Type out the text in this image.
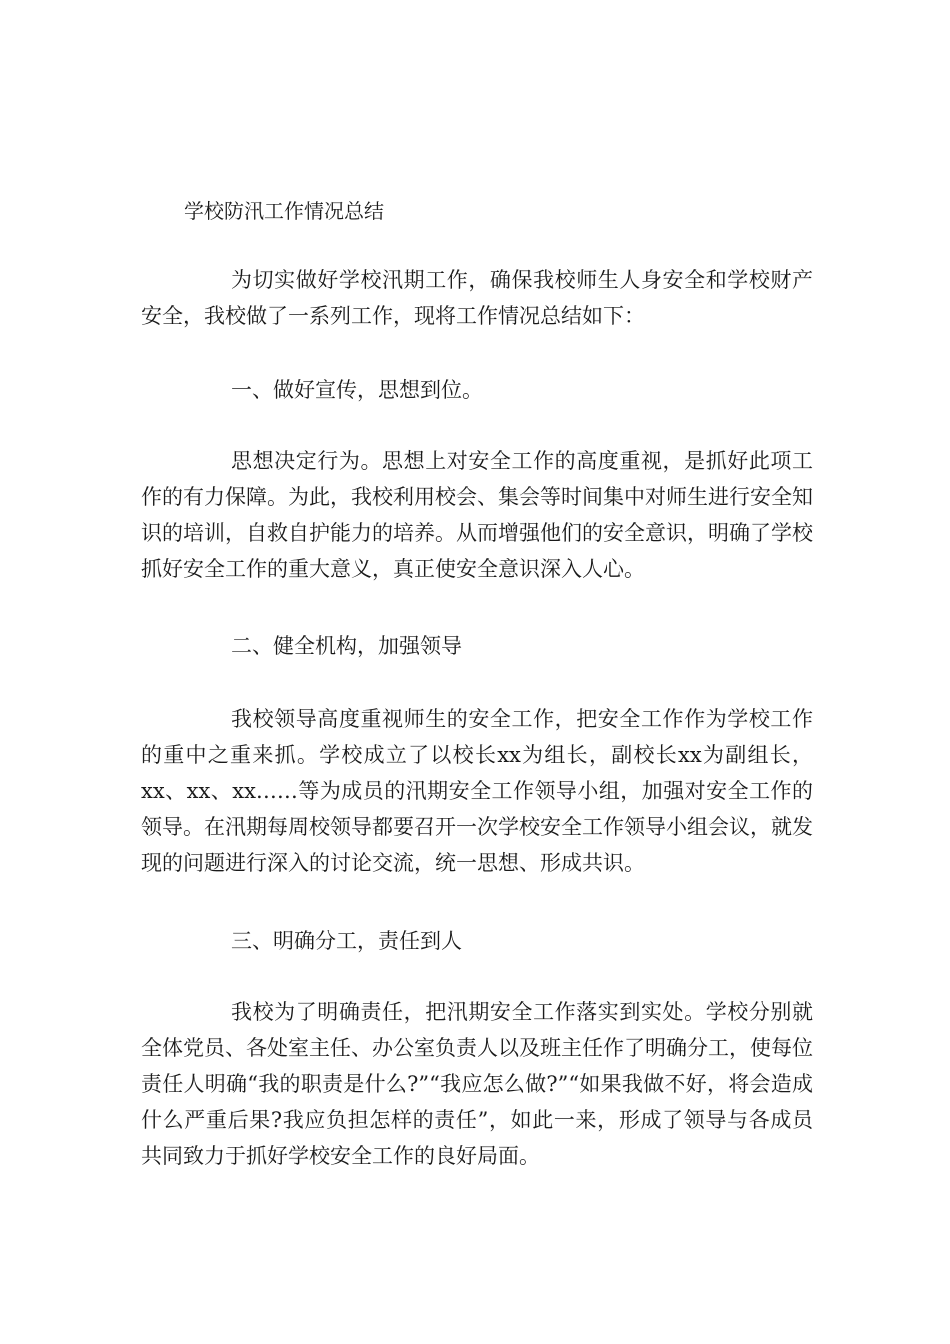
学校防汛工作情况总结

为切实做好学校汛期工作，确保我校师生人身安全和学校财产安全，我校做了一系列工作，现将工作情况总结如下：

一、做好宣传，思想到位。

思想决定行为。思想上对安全工作的高度重视，是抓好此项工作的有力保障。为此，我校利用校会、集会等时间集中对师生进行安全知识的培训，自救自护能力的培养。从而增强他们的安全意识，明确了学校抓好安全工作的重大意义，真正使安全意识深入人心。

二、健全机构，加强领导

我校领导高度重视师生的安全工作，把安全工作作为学校工作的重中之重来抓。学校成立了以校长xx为组长，副校长xx为副组长，xx、xx、xx……等为成员的汛期安全工作领导小组，加强对安全工作的领导。在汛期每周校领导都要召开一次学校安全工作领导小组会议，就发现的问题进行深入的讨论交流，统一思想、形成共识。

三、明确分工，责任到人

我校为了明确责任，把汛期安全工作落实到实处。学校分别就全体党员、各处室主任、办公室负责人以及班主任作了明确分工，使每位责任人明确“我的职责是什么?”“我应怎么做?”“如果我做不好，将会造成什么严重后果?我应负担怎样的责任”，如此一来，形成了领导与各成员共同致力于抓好学校安全工作的良好局面。
